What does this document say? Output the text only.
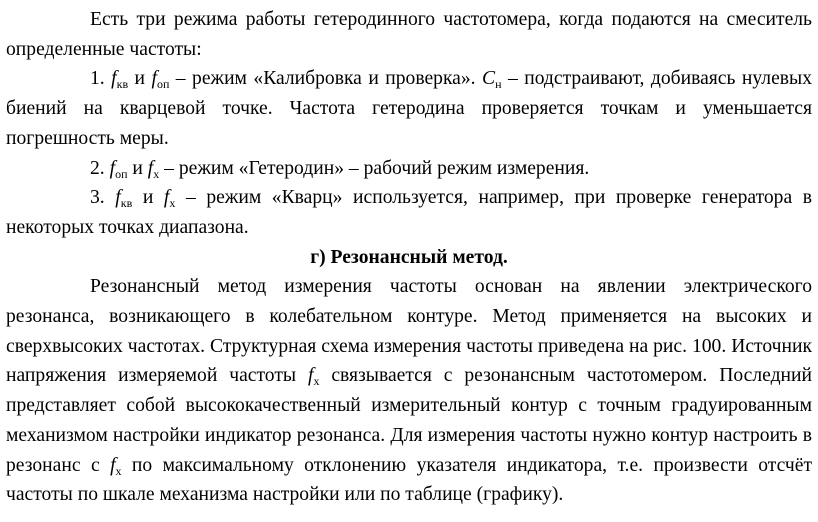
Есть три режима работы гетеродинного частотомера, когда подаются на смеситель определенные частоты:

1. $f_{кв}$ и $f_{оп}$ – режим «Калибровка и проверка». $C_н$ – подстраивают, добиваясь нулевых биений на кварцевой точке. Частота гетеродина проверяется точкам и уменьшается погрешность меры.

2. $f_{оп}$ и $f_х$ – режим «Гетеродин» – рабочий режим измерения.

3. $f_{кв}$ и $f_х$ – режим «Кварц» используется, например, при проверке генератора в некоторых точках диапазона.

г) Резонансный метод.

Резонансный метод измерения частоты основан на явлении электрического резонанса, возникающего в колебательном контуре. Метод применяется на высоких и сверхвысоких частотах. Структурная схема измерения частоты приведена на рис. 100. Источник напряжения измеряемой частоты $f_x$ связывается с резонансным частотомером. Последний представляет собой высококачественный измерительный контур с точным градуированным механизмом настройки индикатор резонанса. Для измерения частоты нужно контур настроить в резонанс с $f_x$ по максимальному отклонению указателя индикатора, т.е. произвести отсчёт частоты по шкале механизма настройки или по таблице (графику).
